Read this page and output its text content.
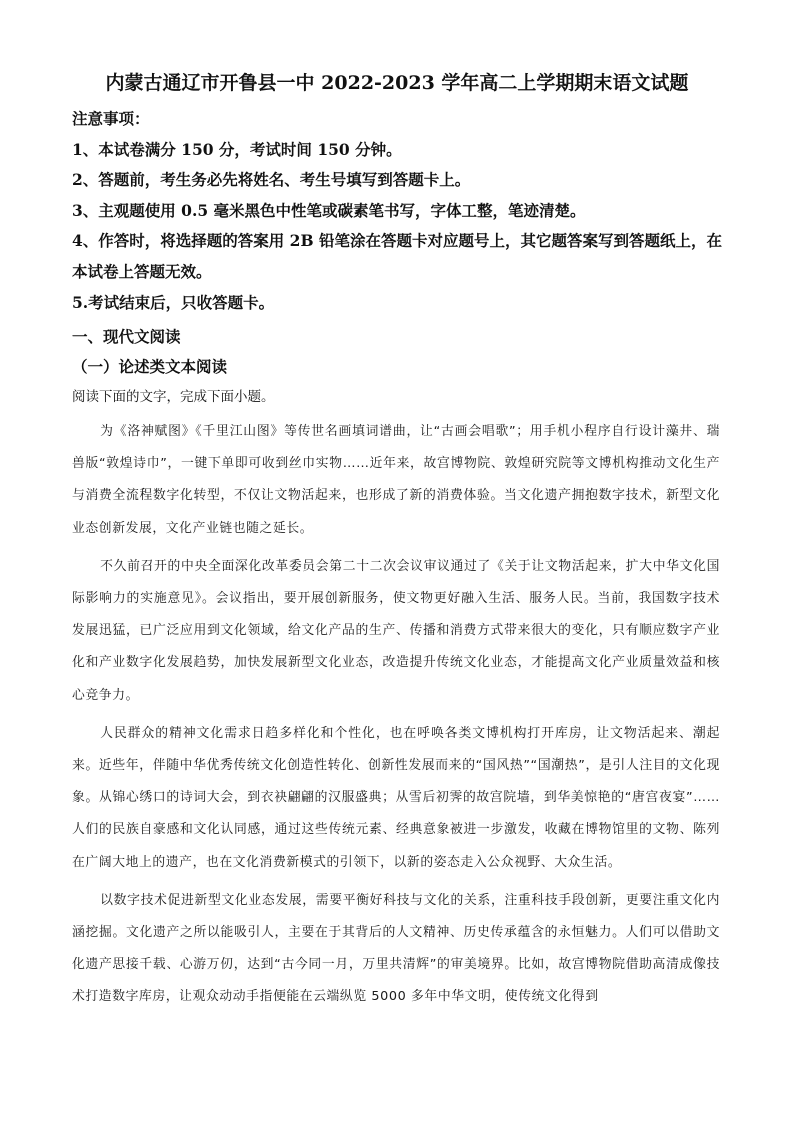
内蒙古通辽市开鲁县一中 2022-2023 学年高二上学期期末语文试题
注意事项：
1、本试卷满分 150 分，考试时间 150 分钟。
2、答题前，考生务必先将姓名、考生号填写到答题卡上。
3、主观题使用 0.5 毫米黑色中性笔或碳素笔书写，字体工整，笔迹清楚。
4、作答时，将选择题的答案用 2B 铅笔涂在答题卡对应题号上，其它题答案写到答题纸上，在本试卷上答题无效。
5.考试结束后，只收答题卡。
一、现代文阅读
（一）论述类文本阅读
阅读下面的文字，完成下面小题。

为《洛神赋图》《千里江山图》等传世名画填词谱曲，让“古画会唱歌”；用手机小程序自行设计藻井、瑞兽版“敦煌诗巾”，一键下单即可收到丝巾实物……近年来，故宫博物院、敦煌研究院等文博机构推动文化生产与消费全流程数字化转型，不仅让文物活起来，也形成了新的消费体验。当文化遗产拥抱数字技术，新型文化业态创新发展，文化产业链也随之延长。

不久前召开的中央全面深化改革委员会第二十二次会议审议通过了《关于让文物活起来，扩大中华文化国际影响力的实施意见》。会议指出，要开展创新服务，使文物更好融入生活、服务人民。当前，我国数字技术发展迅猛，已广泛应用到文化领域，给文化产品的生产、传播和消费方式带来很大的变化，只有顺应数字产业化和产业数字化发展趋势，加快发展新型文化业态，改造提升传统文化业态，才能提高文化产业质量效益和核心竞争力。

人民群众的精神文化需求日趋多样化和个性化，也在呼唤各类文博机构打开库房，让文物活起来、潮起来。近些年，伴随中华优秀传统文化创造性转化、创新性发展而来的“国风热”“国潮热”，是引人注目的文化现象。从锦心绣口的诗词大会，到衣袂翩翩的汉服盛典；从雪后初霁的故宫院墙，到华美惊艳的“唐宫夜宴”……人们的民族自豪感和文化认同感，通过这些传统元素、经典意象被进一步激发，收藏在博物馆里的文物、陈列在广阔大地上的遗产，也在文化消费新模式的引领下，以新的姿态走入公众视野、大众生活。

以数字技术促进新型文化业态发展，需要平衡好科技与文化的关系，注重科技手段创新，更要注重文化内涵挖掘。文化遗产之所以能吸引人，主要在于其背后的人文精神、历史传承蕴含的永恒魅力。人们可以借助文化遗产思接千载、心游万仞，达到“古今同一月，万里共清辉”的审美境界。比如，故宫博物院借助高清成像技术打造数字库房，让观众动动手指便能在云端纵览 5000 多年中华文明，使传统文化得到
